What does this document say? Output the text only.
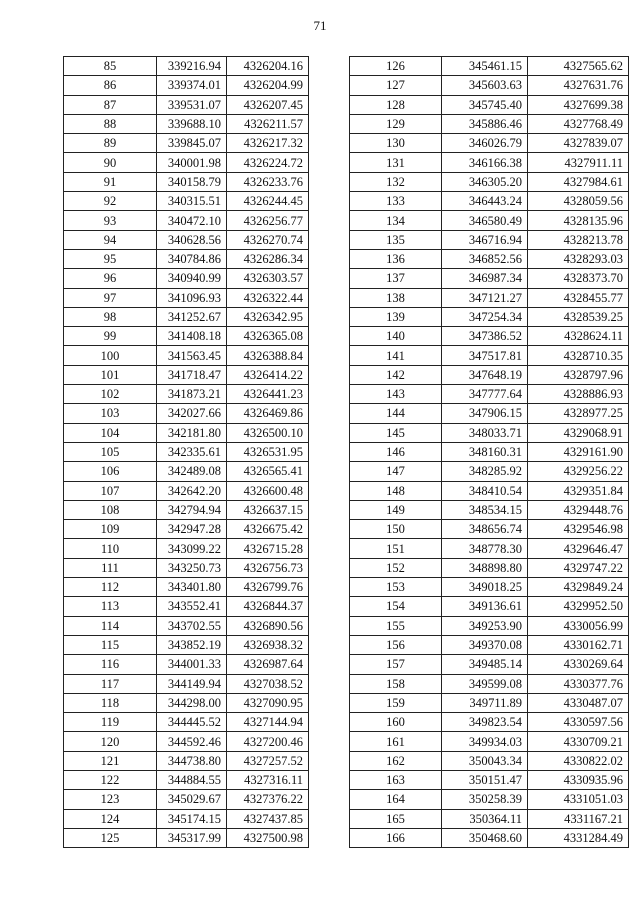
71
85	339216.94	4326204.16
86	339374.01	4326204.99
87	339531.07	4326207.45
88	339688.10	4326211.57
89	339845.07	4326217.32
90	340001.98	4326224.72
91	340158.79	4326233.76
92	340315.51	4326244.45
93	340472.10	4326256.77
94	340628.56	4326270.74
95	340784.86	4326286.34
96	340940.99	4326303.57
97	341096.93	4326322.44
98	341252.67	4326342.95
99	341408.18	4326365.08
100	341563.45	4326388.84
101	341718.47	4326414.22
102	341873.21	4326441.23
103	342027.66	4326469.86
104	342181.80	4326500.10
105	342335.61	4326531.95
106	342489.08	4326565.41
107	342642.20	4326600.48
108	342794.94	4326637.15
109	342947.28	4326675.42
110	343099.22	4326715.28
111	343250.73	4326756.73
112	343401.80	4326799.76
113	343552.41	4326844.37
114	343702.55	4326890.56
115	343852.19	4326938.32
116	344001.33	4326987.64
117	344149.94	4327038.52
118	344298.00	4327090.95
119	344445.52	4327144.94
120	344592.46	4327200.46
121	344738.80	4327257.52
122	344884.55	4327316.11
123	345029.67	4327376.22
124	345174.15	4327437.85
125	345317.99	4327500.98
126	345461.15	4327565.62
127	345603.63	4327631.76
128	345745.40	4327699.38
129	345886.46	4327768.49
130	346026.79	4327839.07
131	346166.38	4327911.11
132	346305.20	4327984.61
133	346443.24	4328059.56
134	346580.49	4328135.96
135	346716.94	4328213.78
136	346852.56	4328293.03
137	346987.34	4328373.70
138	347121.27	4328455.77
139	347254.34	4328539.25
140	347386.52	4328624.11
141	347517.81	4328710.35
142	347648.19	4328797.96
143	347777.64	4328886.93
144	347906.15	4328977.25
145	348033.71	4329068.91
146	348160.31	4329161.90
147	348285.92	4329256.22
148	348410.54	4329351.84
149	348534.15	4329448.76
150	348656.74	4329546.98
151	348778.30	4329646.47
152	348898.80	4329747.22
153	349018.25	4329849.24
154	349136.61	4329952.50
155	349253.90	4330056.99
156	349370.08	4330162.71
157	349485.14	4330269.64
158	349599.08	4330377.76
159	349711.89	4330487.07
160	349823.54	4330597.56
161	349934.03	4330709.21
162	350043.34	4330822.02
163	350151.47	4330935.96
164	350258.39	4331051.03
165	350364.11	4331167.21
166	350468.60	4331284.49
